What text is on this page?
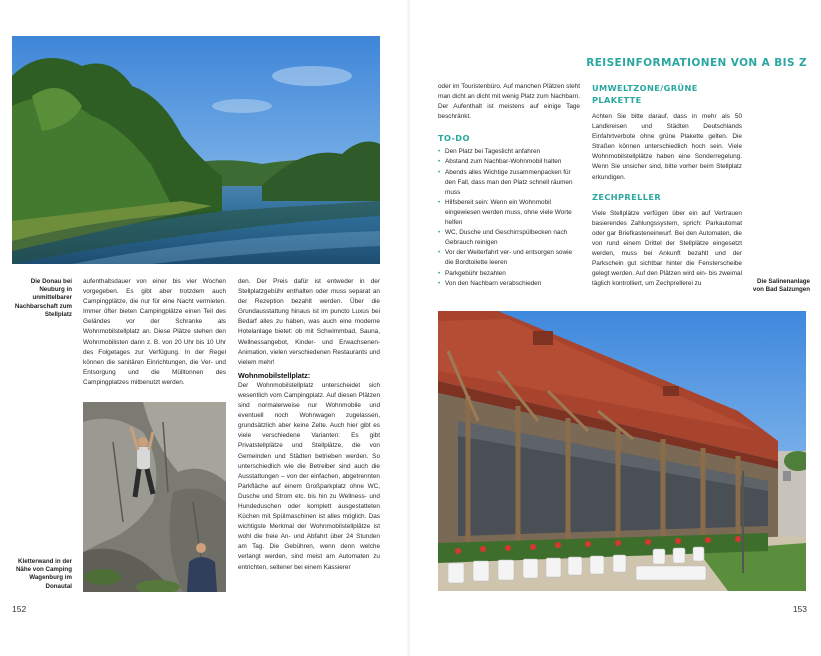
Die Donau bei Neuburg in unmittelbarer Nachbarschaft zum Stellplatz

aufenthaltsdauer von einer bis vier Wochen vorgegeben. Es gibt aber trotzdem auch Campingplätze, die nur für eine Nacht vermieten. Immer öfter bieten Campingplätze einen Teil des Geländes vor der Schranke als Wohnmobilstellplatz an. Diese Plätze stehen den Wohnmobilisten dann z. B. von 20 Uhr bis 10 Uhr des Folgetages zur Verfügung. In der Regel können die sanitären Einrichtungen, die Ver- und Entsorgung und die Mülltonnen des Campingplatzes mitbenutzt werden.

Kletterwand in der Nähe von Camping Wagenburg im Donautal

den. Der Preis dafür ist entweder in der Stellplatzgebühr enthalten oder muss separat an der Rezeption bezahlt werden. Über die Grundausstattung hinaus ist im puncto Luxus bei Bedarf alles zu haben, was auch eine moderne Hotelanlage bietet: ob mit Schwimmbad, Sauna, Wellnessangebot, Kinder- und Erwachsenen-Animation, vielen verschiedenen Restaurants und vielem mehr!

Wohnmobilstellplatz:

Der Wohnmobilstellplatz unterscheidet sich wesentlich vom Campingplatz. Auf diesen Plätzen sind normalerweise nur Wohnmobile und eventuell noch Wohnwagen zugelassen, grundsätzlich aber keine Zelte. Auch hier gibt es viele verschiedene Varianten: Es gibt Privatstellplätze und Stellplätze, die von Gemeinden und Städten betrieben werden. So unterschiedlich wie die Betreiber sind auch die Ausstattungen – von der einfachen, abgetrennten Parkfläche auf einem Großparkplatz ohne WC, Dusche und Strom etc. bis hin zu Wellness- und Hundeduschen oder komplett ausgestatteten Küchen mit Spülmaschinen ist alles möglich. Das wichtigste Merkmal der Wohnmobilstellplätze ist wohl die freie An- und Abfahrt über 24 Stunden am Tag. Die Gebühren, wenn denn welche verlangt werden, sind meist am Automaten zu entrichten, seltener bei einem Kassierer

152
REISEINFORMATIONEN VON A BIS Z

oder im Touristenbüro. Auf manchen Plätzen steht man dicht an dicht mit wenig Platz zum Nachbarn. Der Aufenthalt ist meistens auf einige Tage beschränkt.

TO-DO

• Den Platz bei Tageslicht anfahren
• Abstand zum Nachbar-Wohnmobil halten
• Abends alles Wichtige zusammenpacken für den Fall, dass man den Platz schnell räumen muss
• Hilfsbereit sein: Wenn ein Wohnmobil eingewiesen werden muss, ohne viele Worte helfen
• WC, Dusche und Geschirrspülbecken nach Gebrauch reinigen
• Vor der Weiterfahrt ver- und entsorgen sowie die Bordtoilette leeren
• Parkgebühr bezahlen
• Von den Nachbarn verabschieden

UMWELTZONE/GRÜNE PLAKETTE

Achten Sie bitte darauf, dass in mehr als 50 Landkreisen und Städten Deutschlands Einfahrtverbote ohne grüne Plakette gelten. Die Straßen können unterschiedlich hoch sein. Viele Wohnmobilstellplätze haben eine Sonderregelung. Wenn Sie unsicher sind, bitte vorher beim Stellplatz erkundigen.

ZECHPRELLER

Viele Stellplätze verfügen über ein auf Vertrauen basierendes Zahlungssystem, sprich: Parkautomat oder gar Briefkasteneinwurf. Bei den Automaten, die von rund einem Drittel der Stellplätze eingesetzt werden, muss bei Ankunft bezahlt und der Parkschein gut sichtbar hinter die Fensterscheibe gelegt werden. Auf den Plätzen wird ein- bis zweimal täglich kontrolliert, um Zechprellerei zu	Die Salinenanlage von Bad Salzungen
153
